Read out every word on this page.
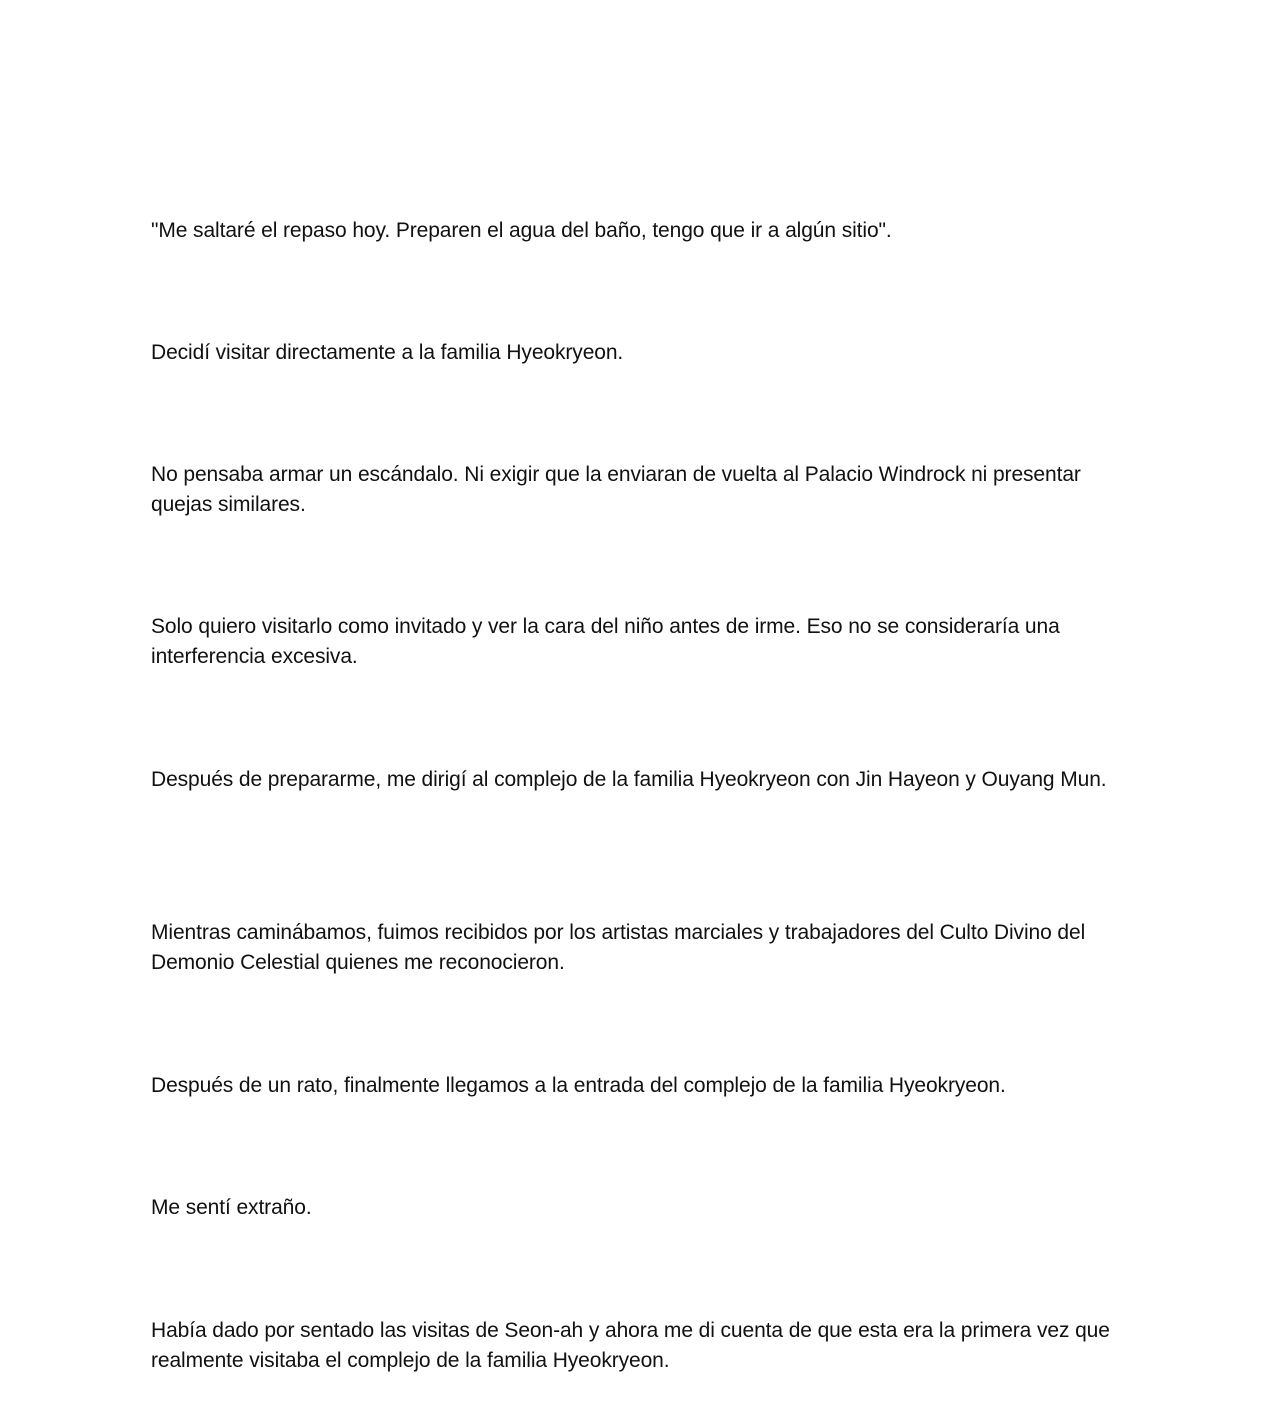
"Me saltaré el repaso hoy. Preparen el agua del baño, tengo que ir a algún sitio".

Decidí visitar directamente a la familia Hyeokryeon.

No pensaba armar un escándalo. Ni exigir que la enviaran de vuelta al Palacio Windrock ni presentar quejas similares.

Solo quiero visitarlo como invitado y ver la cara del niño antes de irme. Eso no se consideraría una interferencia excesiva.

Después de prepararme, me dirigí al complejo de la familia Hyeokryeon con Jin Hayeon y Ouyang Mun.

Mientras caminábamos, fuimos recibidos por los artistas marciales y trabajadores del Culto Divino del Demonio Celestial quienes me reconocieron.

Después de un rato, finalmente llegamos a la entrada del complejo de la familia Hyeokryeon.

Me sentí extraño.

Había dado por sentado las visitas de Seon-ah y ahora me di cuenta de que esta era la primera vez que realmente visitaba el complejo de la familia Hyeokryeon.
